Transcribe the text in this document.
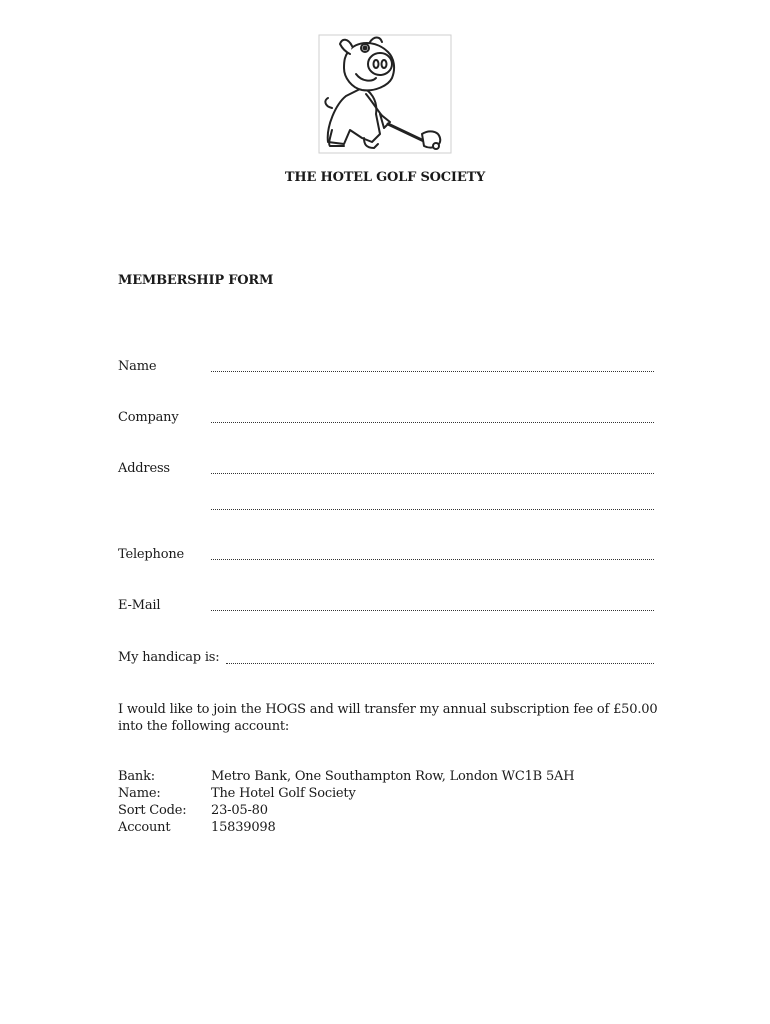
THE HOTEL GOLF SOCIETY
MEMBERSHIP FORM
Name
Company
Address
Telephone
E-Mail
My handicap is:
I would like to join the HOGS and will transfer my annual subscription fee of £50.00 into the following account:
Bank:	Metro Bank, One Southampton Row, London WC1B 5AH
Name:	The Hotel Golf Society
Sort Code:	23-05-80
Account	15839098
